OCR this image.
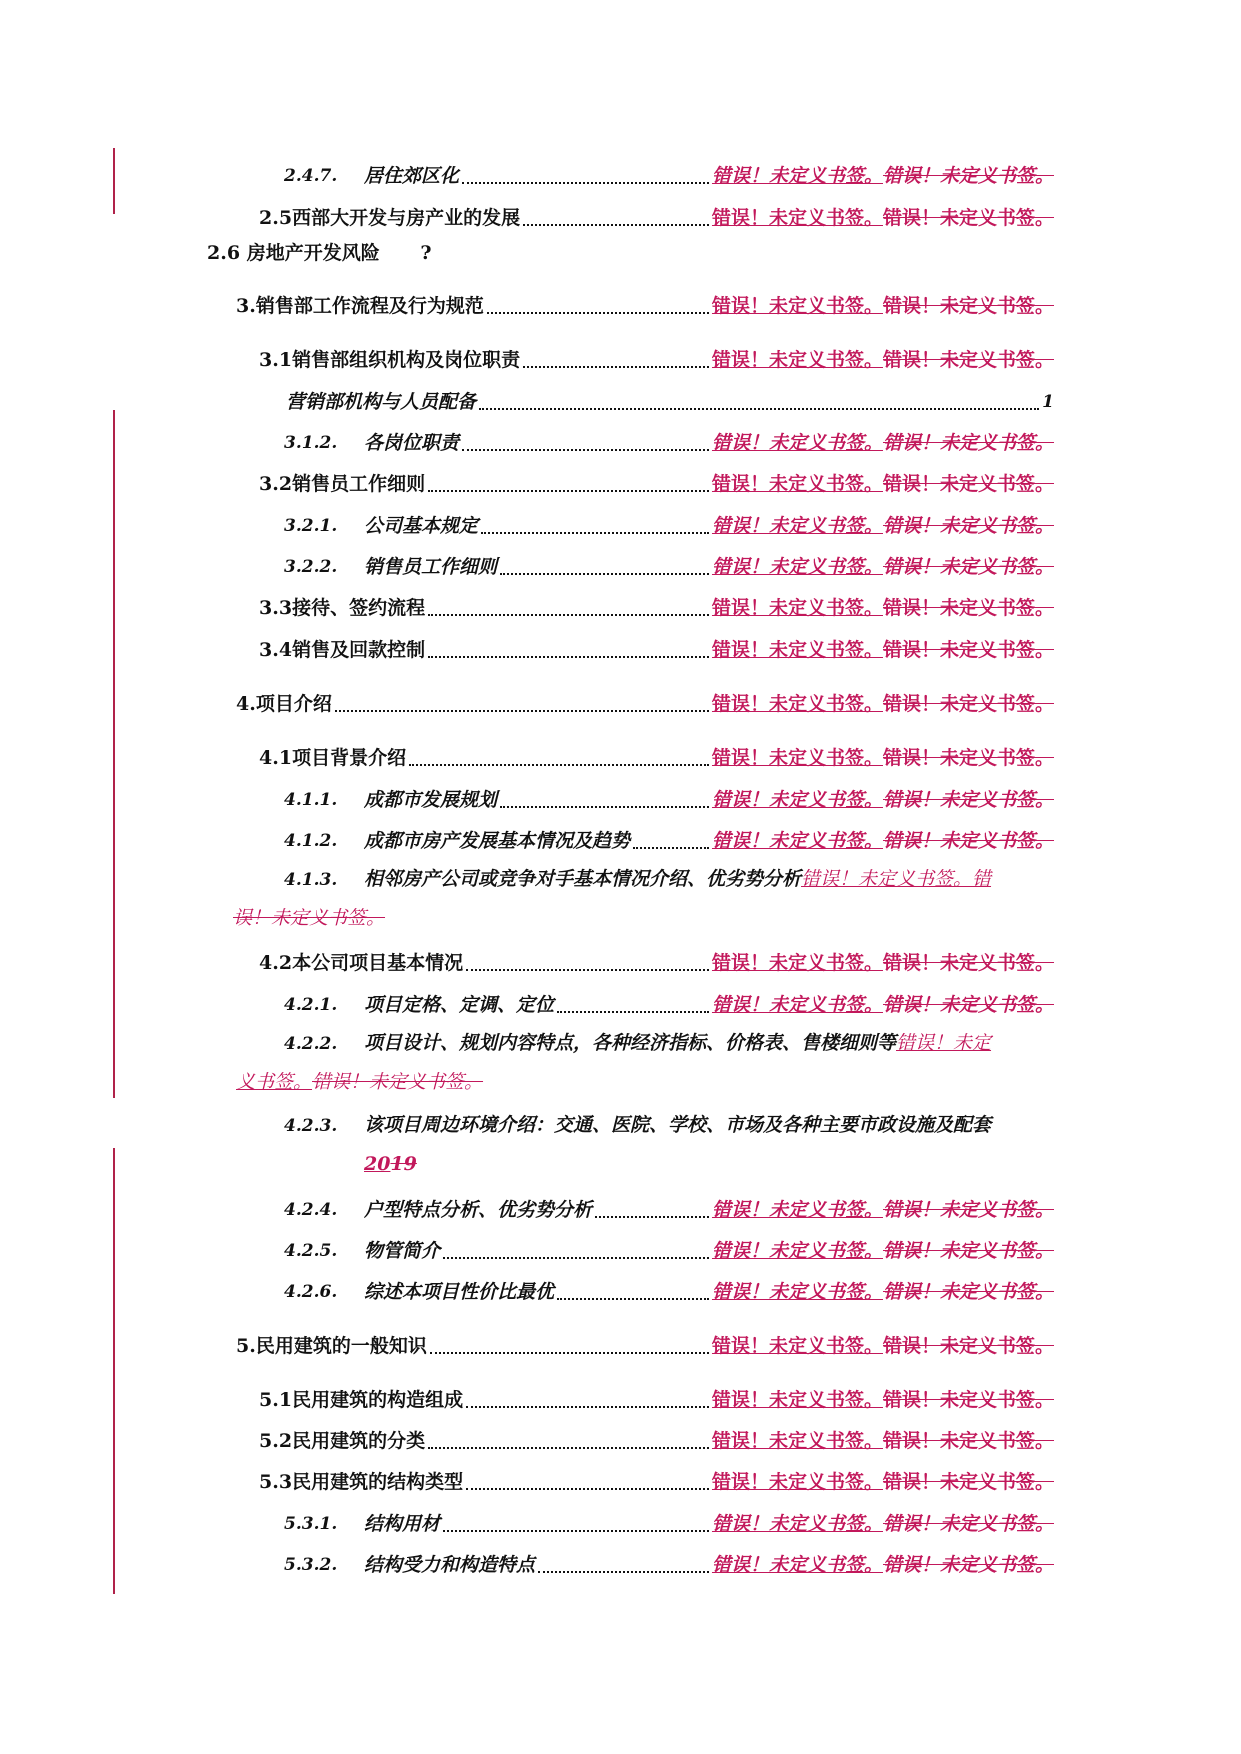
2.4.7.	居住郊区化	错误！未定义书签。错误！未定义书签。
2.5 西部大开发与房产业的发展	错误！未定义书签。错误！未定义书签。
2.6 房地产开发风险 ?
3. 销售部工作流程及行为规范	错误！未定义书签。错误！未定义书签。
3.1 销售部组织机构及岗位职责	错误！未定义书签。错误！未定义书签。
营销部机构与人员配备	1
3.1.2.	各岗位职责	错误！未定义书签。错误！未定义书签。
3.2 销售员工作细则	错误！未定义书签。错误！未定义书签。
3.2.1.	公司基本规定	错误！未定义书签。错误！未定义书签。
3.2.2.	销售员工作细则	错误！未定义书签。错误！未定义书签。
3.3 接待、签约流程	错误！未定义书签。错误！未定义书签。
3.4 销售及回款控制	错误！未定义书签。错误！未定义书签。
4. 项目介绍	错误！未定义书签。错误！未定义书签。
4.1 项目背景介绍	错误！未定义书签。错误！未定义书签。
4.1.1.	成都市发展规划	错误！未定义书签。错误！未定义书签。
4.1.2.	成都市房产发展基本情况及趋势	错误！未定义书签。错误！未定义书签。
4.1.3. 相邻房产公司或竞争对手基本情况介绍、优劣势分析错误！未定义书签。错
误！未定义书签。
4.2 本公司项目基本情况	错误！未定义书签。错误！未定义书签。
4.2.1.	项目定格、定调、定位	错误！未定义书签。错误！未定义书签。
4.2.2. 项目设计、规划内容特点，各种经济指标、价格表、售楼细则等错误！未定
义书签。错误！未定义书签。
4.2.3. 该项目周边环境介绍：交通、医院、学校、市场及各种主要市政设施及配套
2019
4.2.4.	户型特点分析、优劣势分析	错误！未定义书签。错误！未定义书签。
4.2.5.	物管简介	错误！未定义书签。错误！未定义书签。
4.2.6.	综述本项目性价比最优	错误！未定义书签。错误！未定义书签。
5. 民用建筑的一般知识	错误！未定义书签。错误！未定义书签。
5.1 民用建筑的构造组成	错误！未定义书签。错误！未定义书签。
5.2 民用建筑的分类	错误！未定义书签。错误！未定义书签。
5.3 民用建筑的结构类型	错误！未定义书签。错误！未定义书签。
5.3.1.	结构用材	错误！未定义书签。错误！未定义书签。
5.3.2.	结构受力和构造特点	错误！未定义书签。错误！未定义书签。
